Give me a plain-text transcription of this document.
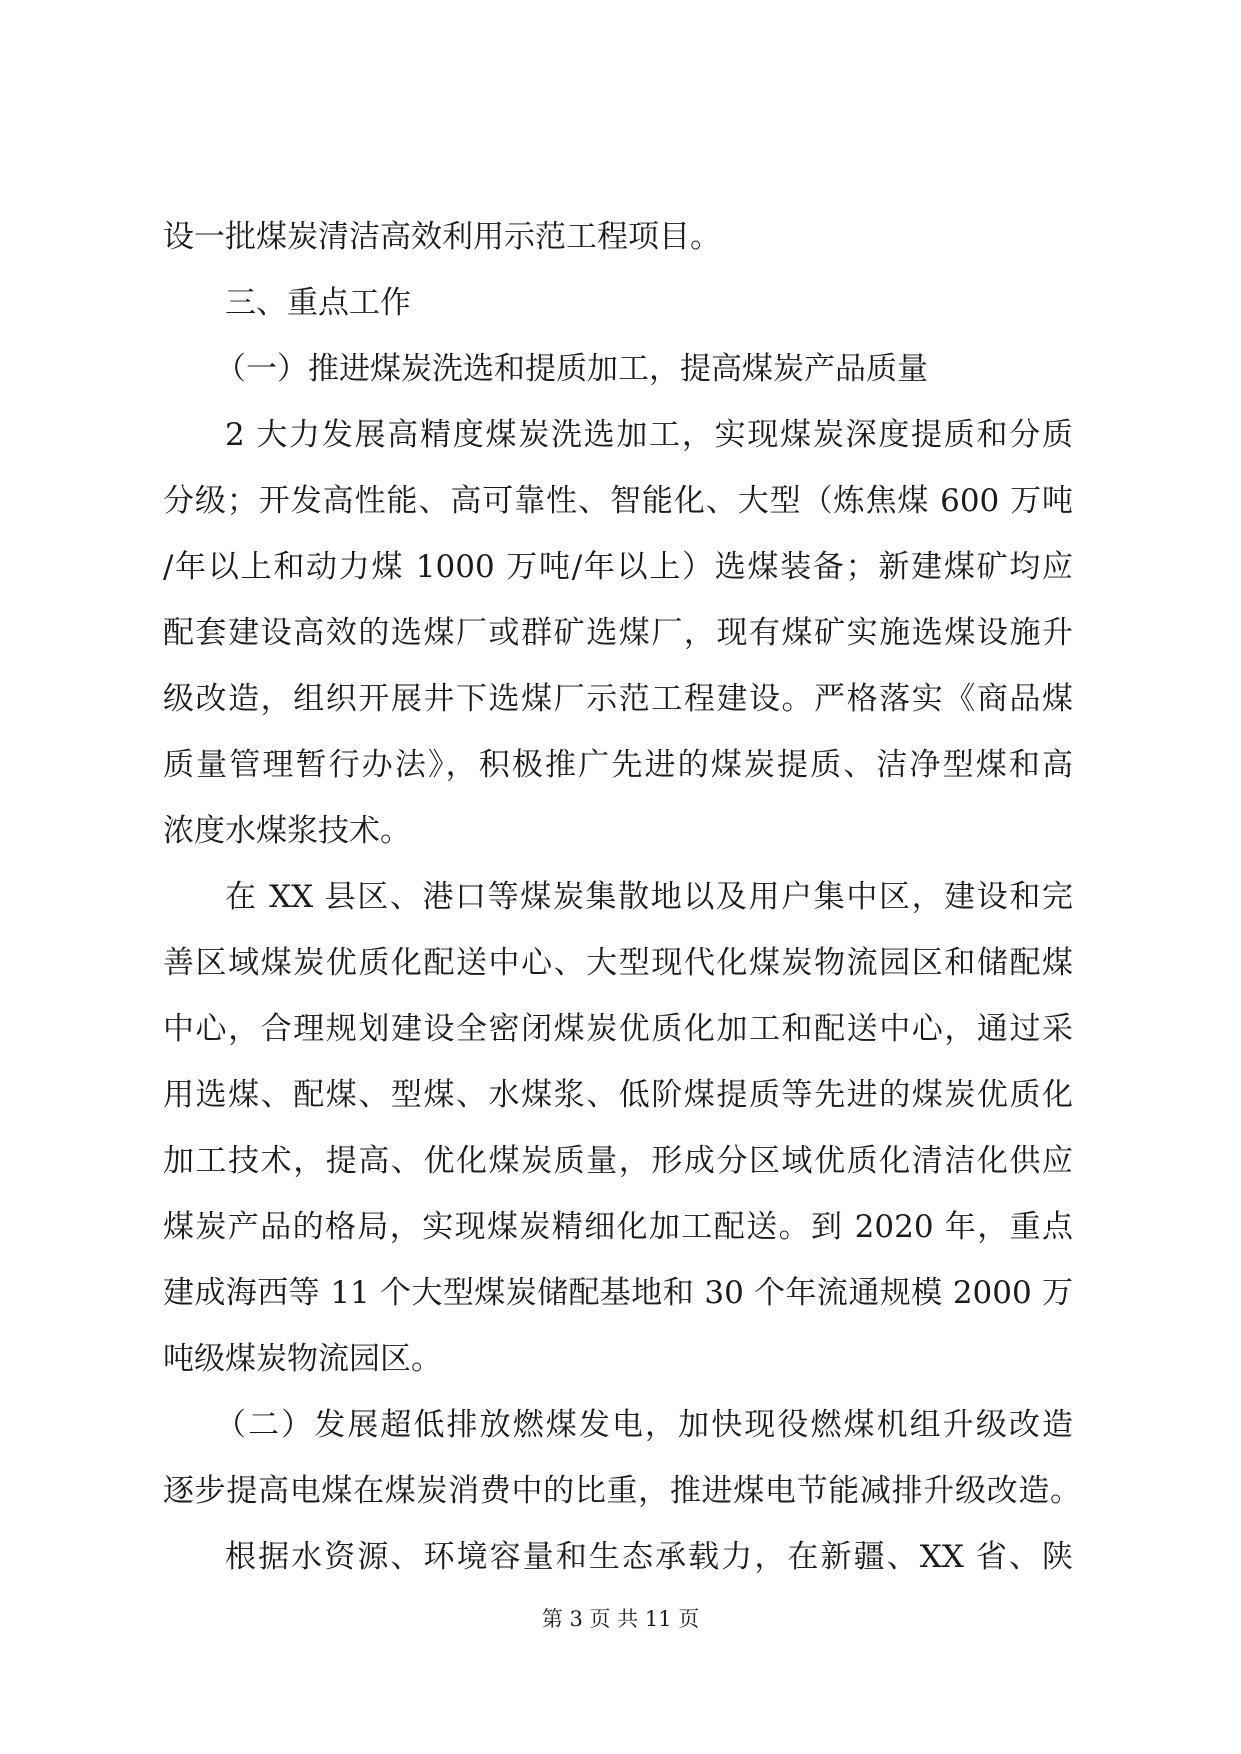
设一批煤炭清洁高效利用示范工程项目。
三、重点工作
（一）推进煤炭洗选和提质加工，提高煤炭产品质量
2 大力发展高精度煤炭洗选加工，实现煤炭深度提质和分质
分级；开发高性能、高可靠性、智能化、大型（炼焦煤 600 万吨
/年以上和动力煤 1000 万吨/年以上）选煤装备；新建煤矿均应
配套建设高效的选煤厂或群矿选煤厂，现有煤矿实施选煤设施升
级改造，组织开展井下选煤厂示范工程建设。严格落实《商品煤
质量管理暂行办法》，积极推广先进的煤炭提质、洁净型煤和高
浓度水煤浆技术。
在 XX 县区、港口等煤炭集散地以及用户集中区，建设和完
善区域煤炭优质化配送中心、大型现代化煤炭物流园区和储配煤
中心，合理规划建设全密闭煤炭优质化加工和配送中心，通过采
用选煤、配煤、型煤、水煤浆、低阶煤提质等先进的煤炭优质化
加工技术，提高、优化煤炭质量，形成分区域优质化清洁化供应
煤炭产品的格局，实现煤炭精细化加工配送。到 2020 年，重点
建成海西等 11 个大型煤炭储配基地和 30 个年流通规模 2000 万
吨级煤炭物流园区。
（二）发展超低排放燃煤发电，加快现役燃煤机组升级改造
逐步提高电煤在煤炭消费中的比重，推进煤电节能减排升级改造。
根据水资源、环境容量和生态承载力，在新疆、XX 省、陕
第 3 页 共 11 页
